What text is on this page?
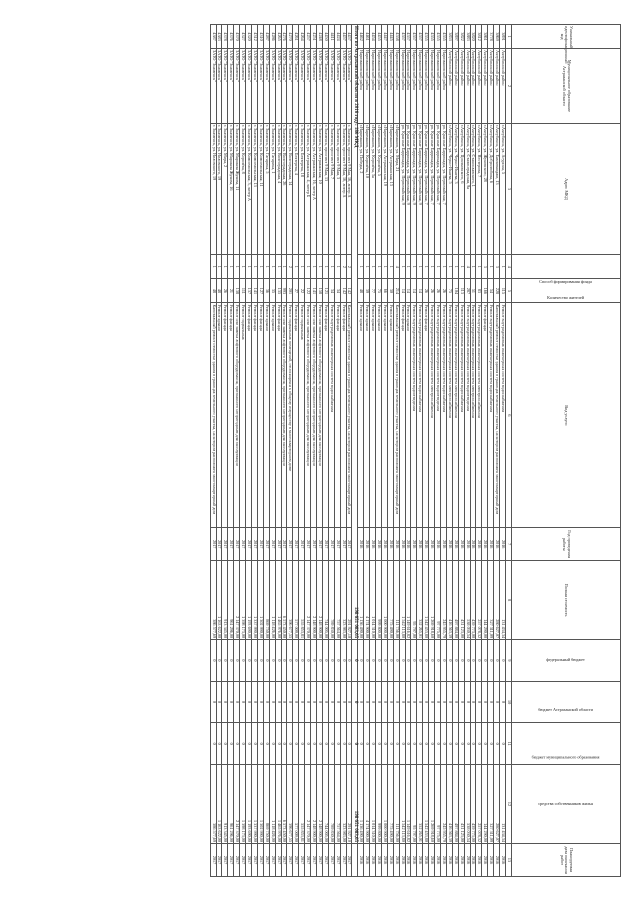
Уникальный идентификационный код	Муниципальное образование Астраханской области	Адрес МКД	Способ формирования фонда	Количество жителей	Вид услуги	Год проведения работы	Полная стоимость	федеральный бюджет	бюджет Астраханской области	бюджет муниципального образования	средства собственников жилья	Планируемая дата окончания работ
1	2	3	4	5	6	7	8	9	10	11	12	13
3891	Ахтубинский район	г.Ахтубинск, ул. Агурина, 5	1	115	Ремонт внутридомовых инженерных систем водоснабжения	2016	131 434,34	0	0	0	131 434,34	2016
3869	Ахтубинский район	г.Ахтубинск, ул. Бахчиванджи, 13	3	228	Капитальный ремонт отмостки здания в границах земельного участка, на котором расположен многоквартирный дом	2016	280 627,07	0	0	0	280 627,07	2016
3778	Ахтубинский район	г.Ахтубинск, ул. Добролюбова, 6	1	54	Ремонт внутридомовых инженерных систем водоснабжения	2016	327 311,09	0	0	0	327 311,09	2016
3861	Ахтубинский район	г.Ахтубинск, ул. Жуковского, 28	3	166	Ремонт фасада	2016	144 290,00	0	0	0	144 290,00	2016
3812	Ахтубинский район	г.Ахтубинск, ул. Нестерова, 7	1	83	Ремонт внутридомовых инженерных систем электроснабжения	2016	257 078,32	0	0	0	257 078,32	2016
3820	Ахтубинский район	г.Ахтубинск, ул. Станиславского, 1	1	51	Ремонт внутридомовых инженерных систем электроснабжения	2016	439 773,00	0	0	0	439 773,00	2016
3883	Ахтубинский район	г.Ахтубинск, ул. Сталинградская, 9а	4	287	Ремонт внутридомовых инженерных систем водоотведения	2016	538 030,54	0	0	0	538 030,54	2016
3822	Ахтубинский район	г.Ахтубинск, ул. Циолковского, 6	1	113	Ремонт внутридомовых инженерных систем водоснабжения	2016	431 123,00	0	0	0	431 123,00	2016
3897	Ахтубинский район	г.Ахтубинск, ул. Черно-Икаева, 3	1	104	Ремонт внутридомовых инженерных систем электроснабжения	2016	497 884,00	0	0	0	497 884,00	2016
3853	Ахтубинский район	г.Ахтубинск, ул. Черно-Икаева, 5	1	75	Ремонт внутридомовых инженерных систем электроснабжения	2016	416 563,39	0	0	0	416 563,39	2016
4555	Наримановский район	рп. Красные Баррикады, ул. Первомайская, 7	1	26	Ремонт внутридомовых инженерных систем водоснабжения	2016	245 955,79	0	0	0	245 955,79	2016
4555	Наримановский район	рп. Красные Баррикады, ул. Первомайская, 7	1	26	Ремонт внутридомовых инженерных систем водоотведения	2016	97 775,00	0	0	0	97 775,00	2016
4555	Наримановский район	рп. Красные Баррикады, ул. Первомайская, 7	1	26	Ремонт внутридомовых инженерных систем электроснабжения	2016	1 269 918,60	0	0	0	1 269 918,60	2016
4555	Наримановский район	рп. Красные Баррикады, ул. Первомайская, 7	1	26	Ремонт фасада	2016	1 542 453,80	0	0	0	1 542 453,80	2016
4557	Наримановский район	рп. Красные Баррикады, ул. Первомайская, 9	1	14	Ремонт внутридомовых инженерных систем водоснабжения	2016	352 265,01	0	0	0	352 265,01	2016
4557	Наримановский район	рп. Красные Баррикады, ул. Первомайская, 9	1	14	Ремонт внутридомовых инженерных систем водоотведения	2016	95 797,00	0	0	0	95 797,00	2016
4557	Наримановский район	рп. Красные Баррикады, ул. Первомайская, 9	1	14	Ремонт крыши	2016	1 149 616,82	0	0	0	1 149 616,82	2016
4557	Наримановский район	рп. Красные Баррикады, ул. Первомайская, 9	1	14	Ремонт фасада	2016	1 542 113,80	0	0	0	1 542 113,80	2016
4558	Наримановский район	г.Нариманов, ул. Мира, 21	4	214	Капитальный ремонт отмостки здания в границах земельного участка, на котором расположен многоквартирный дом	2016	111 756,00	0	0	0	111 756,00	2016
4445	Наримановский район	г.Нариманов, ул. Астраханская, 13	1	30	Ремонт крыши	2016	775 490,00	0	0	0	775 490,00	2016
4447	Наримановский район	г.Нариманов, ул. Астраханская, 19	1	66	Ремонт крыши	2016	1 000 900,00	0	0	0	1 000 900,00	2016
4455	Наримановский район	г.Нариманов, ул. Королёва, 5	1	75	Ремонт крыши	2016	999 800,00	0	0	0	999 800,00	2016
4454	Наримановский район	г.Нариманов, ул. Королёва, 3а	1	77	Ремонт крыши	2016	1 014 310,00	0	0	0	1 014 310,00	2016
4461	Наримановский район	г.Нариманов, ул. Королёва, 10	1	39	Ремонт крыши	2016	4 174 900,00	0	0	0	4 174 900,00	2016
4462	Наримановский район	г.Нариманов, ул. Победы, 2	1	48	Ремонт крыши	2016	1 136 490,00	0	0	0	1 136 490,00	2016
Итого по Астраханской области в 2016 году: 186 МКД							198 651 083,65	0	0	0	198 651 083,65	
4457	ЗАТО "Знаменск"	г. Знаменск, проспект 9 Мая, 16, литер А	2	142	Капитальный ремонт отмостки здания в границах земельного участка, на котором расположен многоквартирный дом	2017	291 927,10	0	0	0	291 927,10	2017
4457	ЗАТО "Знаменск"	г. Знаменск, проспект 9 Мая, 16, литер А	2	142	Ремонт фасада	2017	323 983,00	0	0	0	323 983,00	2017
4424	ЗАТО "Знаменск"	г. Знаменск, проспект 9 Мая, 3	1	34	Ремонт фасада	2017	757 564,00	0	0	0	757 564,00	2017
4411	ЗАТО "Знаменск"	г. Знаменск, проспект 9 Мая, 7	1	34	Ремонт внутридомовых инженерных систем водоснабжения	2017	789 830,00	0	0	0	789 830,00	2017
4450	ЗАТО "Знаменск"	г. Знаменск, проспект 9 Мая, 13	1	121	Ремонт фасада	2017	744 005,00	0	0	0	744 005,00	2017
4248	ЗАТО "Знаменск"	г. Знаменск, ул. Астраханская, 10	1	158	Ремонт или замена лифтового оборудования, признанного непригодным для эксплуатации	2017	2 148 900,00	0	0	0	2 148 900,00	2017
4251	ЗАТО "Знаменск"	г. Знаменск, ул. Астраханская, 16, литер А	1	141	Ремонт или замена лифтового оборудования, признанного непригодным для эксплуатации	2017	2 148 900,00	0	0	0	2 148 900,00	2017
4257	ЗАТО "Знаменск"	г. Знаменск, ул. Астраханская, 4, литер Б	1	122	Ремонт или замена лифтового оборудования, признанного непригодным для эксплуатации	2017	2 147 370,00	0	0	0	2 147 370,00	2017
4264	ЗАТО "Знаменск"	г. Знаменск, ул. Бехтерева, 18	1	22	Ремонт подвальных	2017	555 853,81	0	0	0	555 853,81	2017
4261	ЗАТО "Знаменск"	г. Знаменск, ул. Бехтерева, 4	1	27	Ремонт фасада	2017	577 009,00	0	0	0	577 009,00	2017
4270	ЗАТО "Знаменск"	г. Знаменск, ул. Волгоградская, 14	2	201	Ремонт подвальных помещений, относящихся к общему имуществу в многоквартирном доме	2017	396 677,55	0	0	0	396 677,55	2017
4276	ЗАТО "Знаменск"	г. Знаменск, ул. Волгоградская, 26	1	993	Ремонт или замена лифтового оборудования, признанного непригодным для эксплуатации	2017	6 573 450,00	0	0	0	6 573 450,00	2017
4265	ЗАТО "Знаменск"	г. Знаменск, ул. Волгоградская, 4	1	135	Ремонт фасада	2017	1 465 976,00	0	0	0	1 465 976,00	2017
4286	ЗАТО "Знаменск"	г. Знаменск, ул. Гагарина, 1	1	35	Ремонт крыши	2017	1 118 426,00	0	0	0	1 118 426,00	2017
4287	ЗАТО "Знаменск"	г. Знаменск, ул. Гагарина, 5	1	36	Ремонт крыши	2017	869 750,00	0	0	0	869 750,00	2017
4310	ЗАТО "Знаменск"	г. Знаменск, ул. Комсомольская, 11	1	127	Ремонт фасада	2017	1 302 990,00	0	0	0	1 302 990,00	2017
4312	ЗАТО "Знаменск"	г. Знаменск, ул. Комсомольская, 13	1	141	Ремонт фасада	2017	1 337 990,00	0	0	0	1 337 990,00	2017
4320	ЗАТО "Знаменск"	г. Знаменск, ул. Комсомольская, 3, литер А	1	137	Ремонт фасада	2017	1 193 690,00	0	0	0	1 193 690,00	2017
4327	ЗАТО "Знаменск"	г. Знаменск, ул. Королёва, 8	1	111	Ремонт подвальных	2017	1 398 173,00	0	0	0	1 398 173,00	2017
4370	ЗАТО "Знаменск"	г. Знаменск, ул. Маршала Жукова, 11	1	138	Ремонт или замена лифтового оборудования, признанного непригодным для эксплуатации	2017	2 147 370,00	0	0	0	2 147 370,00	2017
4376	ЗАТО "Знаменск"	г. Знаменск, ул. Маршала Жукова, 16	1	21	Ремонт фасада	2017	961 296,00	0	0	0	961 296,00	2017
4378	ЗАТО "Знаменск"	г. Знаменск, ул. Мира, 2	1	26	Ремонт фасада	2017	913 345,00	0	0	0	913 345,00	2017
4383	ЗАТО "Знаменск"	г. Знаменск, ул. Ниловского, 19	1	48	Ремонт крыши	2017	1 163 622,00	0	0	0	1 163 622,00	2017
4387	ЗАТО "Знаменск"	г. Знаменск, ул. Ниловского, 19	1	48	Капитальный ремонт отмостки здания в границах земельного участка, на котором расположен многоквартирный дом	2017	386 577,69	0	0	0	386 577,69	2017
